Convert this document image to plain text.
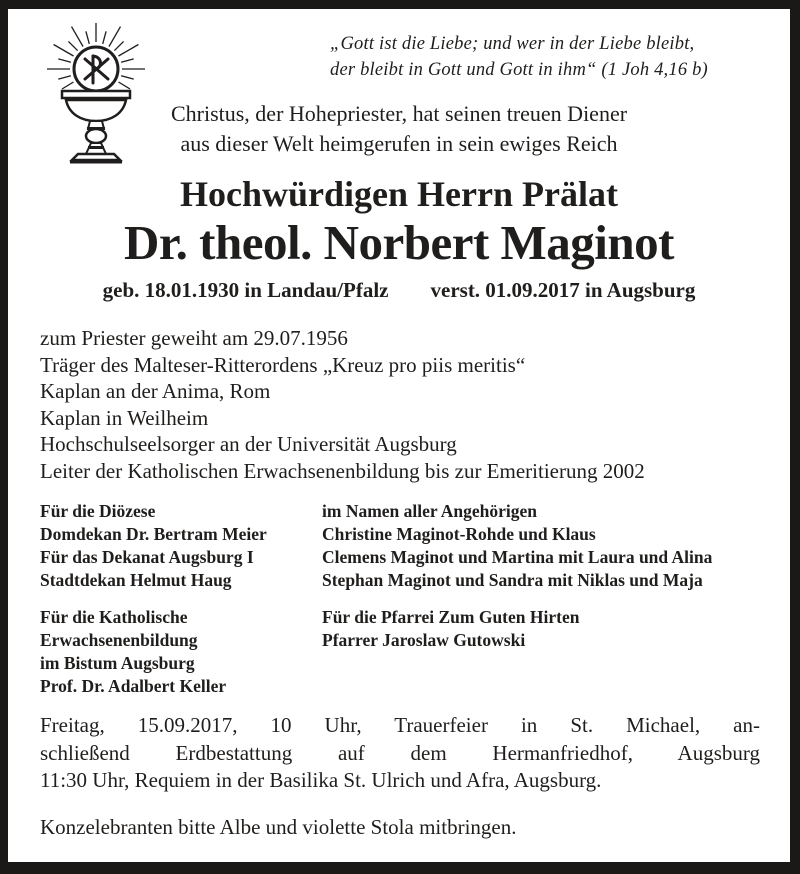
„Gott ist die Liebe; und wer in der Liebe bleibt,
der bleibt in Gott und Gott in ihm“ (1 Joh 4,16 b)
Christus, der Hohepriester, hat seinen treuen Diener
aus dieser Welt heimgerufen in sein ewiges Reich
Hochwürdigen Herrn Prälat
Dr. theol. Norbert Maginot
geb. 18.01.1930 in Landau/Pfalz verst. 01.09.2017 in Augsburg
zum Priester geweiht am 29.07.1956
Träger des Malteser-Ritterordens „Kreuz pro piis meritis“
Kaplan an der Anima, Rom
Kaplan in Weilheim
Hochschulseelsorger an der Universität Augsburg
Leiter der Katholischen Erwachsenenbildung bis zur Emeritierung 2002
Für die Diözese
Domdekan Dr. Bertram Meier
Für das Dekanat Augsburg I
Stadtdekan Helmut Haug
im Namen aller Angehörigen
Christine Maginot-Rohde und Klaus
Clemens Maginot und Martina mit Laura und Alina
Stephan Maginot und Sandra mit Niklas und Maja
Für die Katholische
Erwachsenenbildung
im Bistum Augsburg
Prof. Dr. Adalbert Keller
Für die Pfarrei Zum Guten Hirten
Pfarrer Jaroslaw Gutowski
Freitag, 15.09.2017, 10 Uhr, Trauerfeier in St. Michael, an-
schließend Erdbestattung auf dem Hermanfriedhof, Augsburg
11:30 Uhr, Requiem in der Basilika St. Ulrich und Afra, Augsburg.
Konzelebranten bitte Albe und violette Stola mitbringen.
